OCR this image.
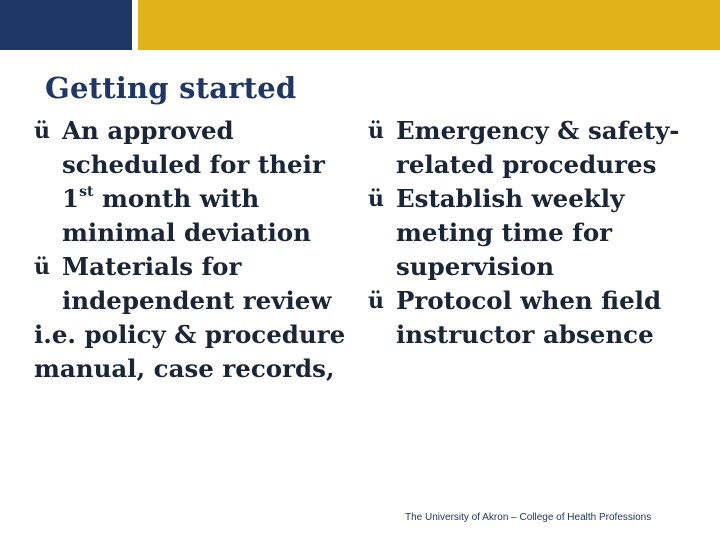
Getting started
ü An approved
scheduled for their
1st month with
minimal deviation
ü Materials for
independent review
i.e. policy & procedure
manual, case records,
ü Emergency & safety-
related procedures
ü Establish weekly
meting time for
supervision
ü Protocol when field
instructor absence
The University of Akron – College of Health Professions
